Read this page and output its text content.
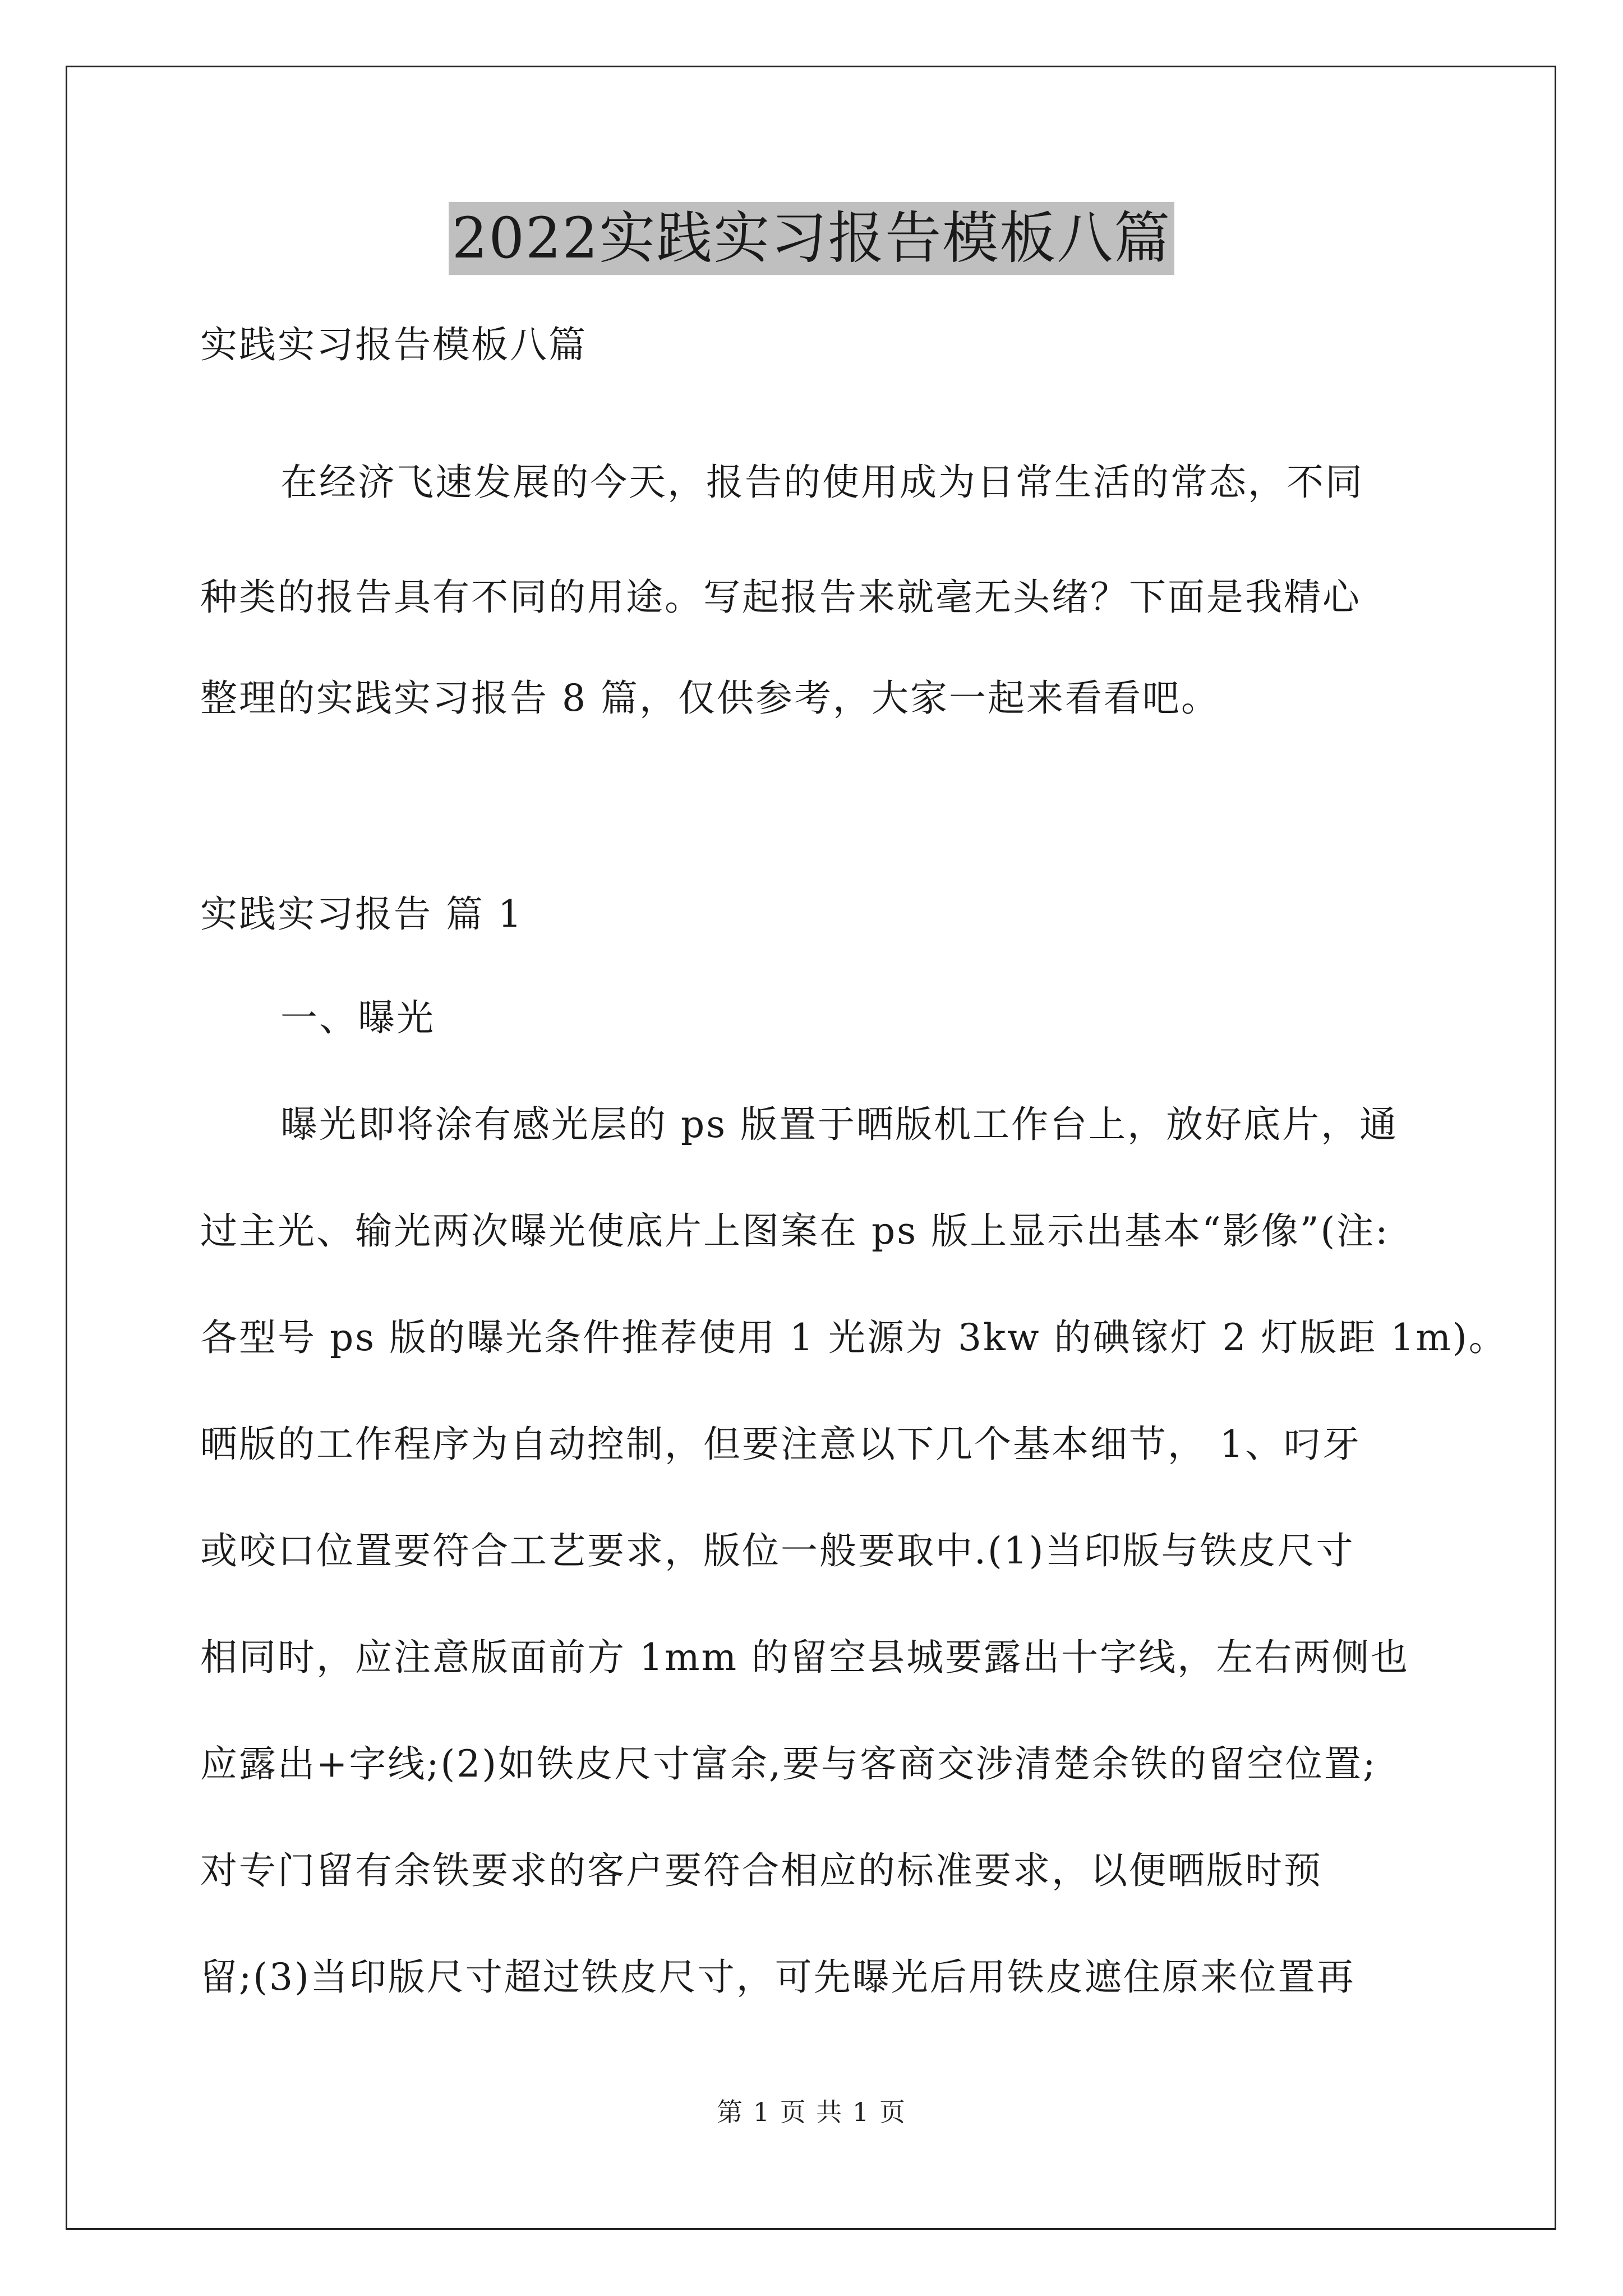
2022实践实习报告模板八篇
实践实习报告模板八篇
在经济飞速发展的今天，报告的使用成为日常生活的常态，不同
种类的报告具有不同的用途。写起报告来就毫无头绪？下面是我精心
整理的实践实习报告 8 篇，仅供参考，大家一起来看看吧。
实践实习报告 篇 1
一、曝光
曝光即将涂有感光层的 ps 版置于晒版机工作台上，放好底片，通
过主光、输光两次曝光使底片上图案在 ps 版上显示出基本“影像”(注:
各型号 ps 版的曝光条件推荐使用 1 光源为 3kw 的碘镓灯 2 灯版距 1m)。
晒版的工作程序为自动控制，但要注意以下几个基本细节， 1、叼牙
或咬口位置要符合工艺要求，版位一般要取中.(1)当印版与铁皮尺寸
相同时，应注意版面前方 1mm 的留空县城要露出十字线，左右两侧也
应露出+字线;(2)如铁皮尺寸富余,要与客商交涉清楚余铁的留空位置;
对专门留有余铁要求的客户要符合相应的标准要求，以便晒版时预
留;(3)当印版尺寸超过铁皮尺寸，可先曝光后用铁皮遮住原来位置再
第 1 页 共 1 页
